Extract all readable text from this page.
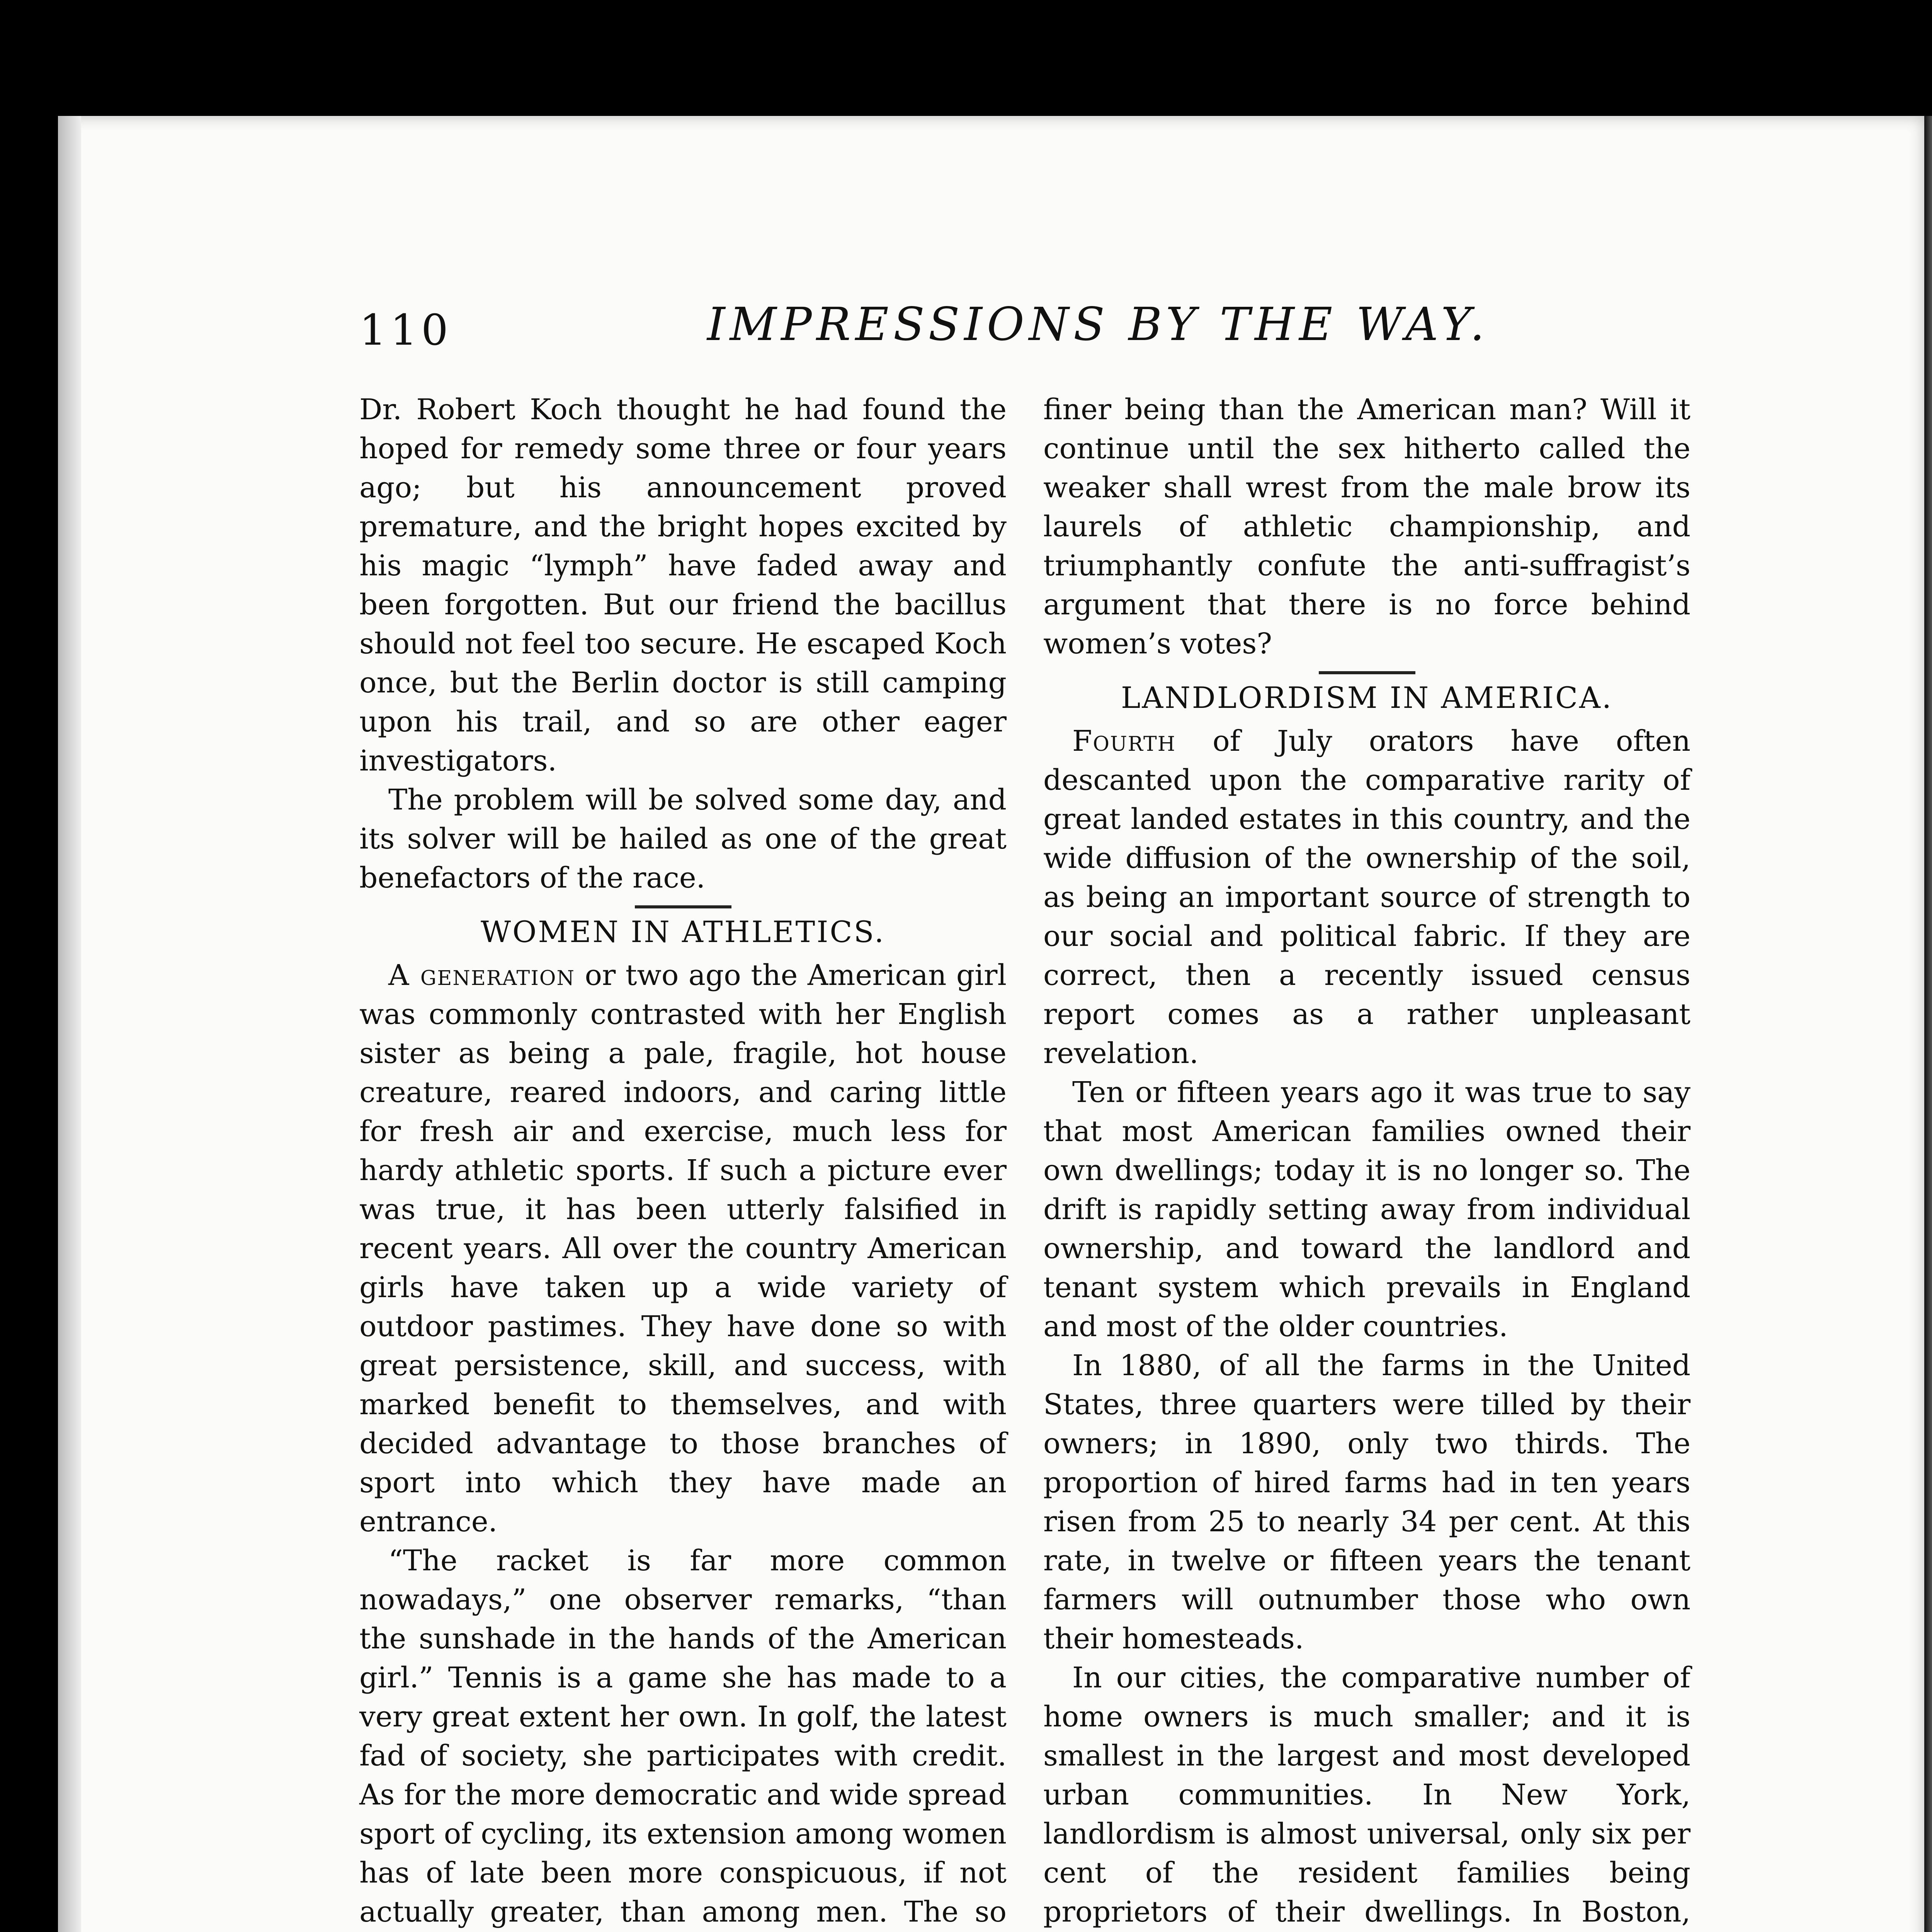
110	IMPRESSIONS BY THE WAY.

Dr. Robert Koch thought he had found the hoped for remedy some three or four years ago; but his announcement proved premature, and the bright hopes excited by his magic “lymph” have faded away and been forgotten. But our friend the bacillus should not feel too secure. He escaped Koch once, but the Berlin doctor is still camping upon his trail, and so are other eager investigators.

The problem will be solved some day, and its solver will be hailed as one of the great benefactors of the race.

WOMEN IN ATHLETICS.

A generation or two ago the American girl was commonly contrasted with her English sister as being a pale, fragile, hot house creature, reared indoors, and caring little for fresh air and exercise, much less for hardy athletic sports. If such a picture ever was true, it has been utterly falsified in recent years. All over the country American girls have taken up a wide variety of outdoor pastimes. They have done so with great persistence, skill, and success, with marked benefit to themselves, and with decided advantage to those branches of sport into which they have made an entrance.

“The racket is far more common nowadays,” one observer remarks, “than the sunshade in the hands of the American girl.” Tennis is a game she has made to a very great extent her own. In golf, the latest fad of society, she participates with credit. As for the more democratic and wide spread sport of cycling, its extension among women has of late been more conspicuous, if not actually greater, than among men. The so

finer being than the American man? Will it continue until the sex hitherto called the weaker shall wrest from the male brow its laurels of athletic championship, and triumphantly confute the anti-suffragist’s argument that there is no force behind women’s votes?

LANDLORDISM IN AMERICA.

Fourth of July orators have often descanted upon the comparative rarity of great landed estates in this country, and the wide diffusion of the ownership of the soil, as being an important source of strength to our social and political fabric. If they are correct, then a recently issued census report comes as a rather unpleasant revelation.

Ten or fifteen years ago it was true to say that most American families owned their own dwellings; today it is no longer so. The drift is rapidly setting away from individual ownership, and toward the landlord and tenant system which prevails in England and most of the older countries.

In 1880, of all the farms in the United States, three quarters were tilled by their owners; in 1890, only two thirds. The proportion of hired farms had in ten years risen from 25 to nearly 34 per cent. At this rate, in twelve or fifteen years the tenant farmers will outnumber those who own their homesteads.

In our cities, the comparative number of home owners is much smaller; and it is smallest in the largest and most developed urban communities. In New York, landlordism is almost universal, only six per cent of the resident families being proprietors of their dwellings. In Boston,
